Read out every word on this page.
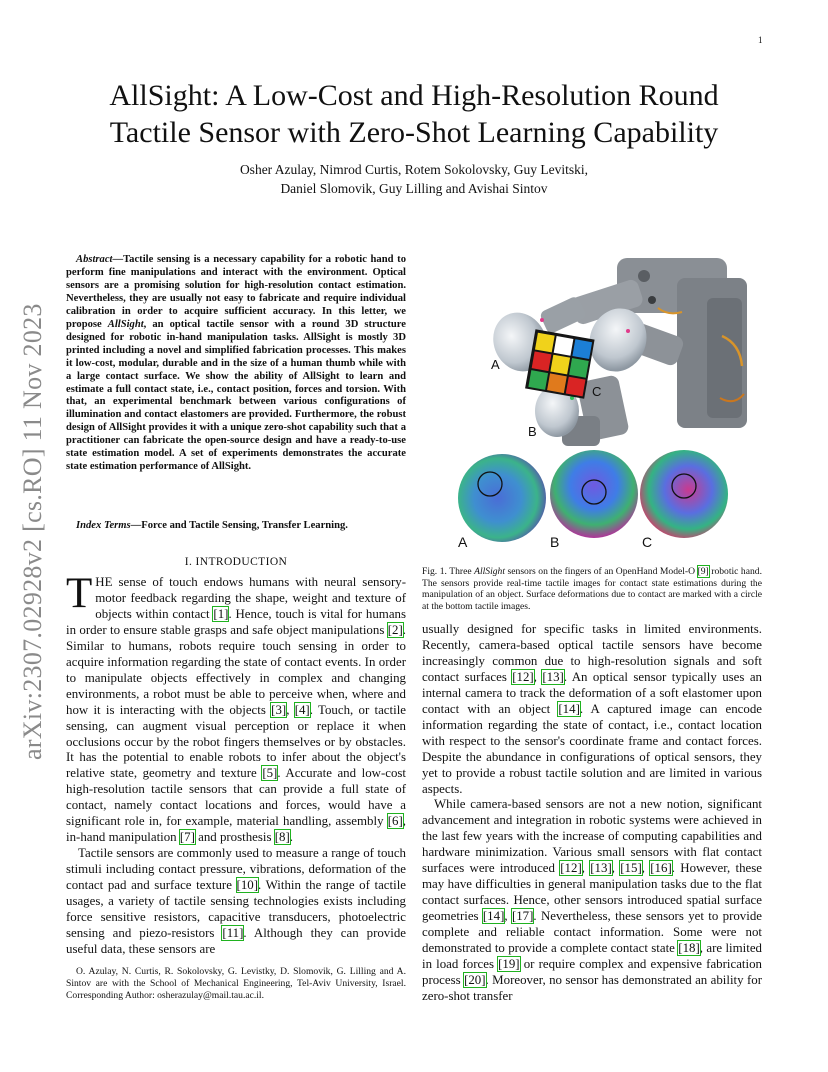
1
arXiv:2307.02928v2 [cs.RO] 11 Nov 2023
AllSight: A Low-Cost and High-Resolution Round
Tactile Sensor with Zero-Shot Learning Capability
Osher Azulay, Nimrod Curtis, Rotem Sokolovsky, Guy Levitski,
Daniel Slomovik, Guy Lilling and Avishai Sintov

Abstract—Tactile sensing is a necessary capability for a robotic hand to perform fine manipulations and interact with the environment. Optical sensors are a promising solution for high-resolution contact estimation. Nevertheless, they are usually not easy to fabricate and require individual calibration in order to acquire sufficient accuracy. In this letter, we propose AllSight, an optical tactile sensor with a round 3D structure designed for robotic in-hand manipulation tasks. AllSight is mostly 3D printed including a novel and simplified fabrication processes. This makes it low-cost, modular, durable and in the size of a human thumb while with a large contact surface. We show the ability of AllSight to learn and estimate a full contact state, i.e., contact position, forces and torsion. With that, an experimental benchmark between various configurations of illumination and contact elastomers are provided. Furthermore, the robust design of AllSight provides it with a unique zero-shot capability such that a practitioner can fabricate the open-source design and have a ready-to-use state estimation model. A set of experiments demonstrates the accurate state estimation performance of AllSight.

Index Terms—Force and Tactile Sensing, Transfer Learning.

I. INTRODUCTION

THE sense of touch endows humans with neural sensory-motor feedback regarding the shape, weight and texture of objects within contact [1]. Hence, touch is vital for humans in order to ensure stable grasps and safe object manipulations [2]. Similar to humans, robots require touch sensing in order to acquire information regarding the state of contact events. In order to manipulate objects effectively in complex and changing environments, a robot must be able to perceive when, where and how it is interacting with the objects [3], [4]. Touch, or tactile sensing, can augment visual perception or replace it when occlusions occur by the robot fingers themselves or by obstacles. It has the potential to enable robots to infer about the object's relative state, geometry and texture [5]. Accurate and low-cost high-resolution tactile sensors that can provide a full state of contact, namely contact locations and forces, would have a significant role in, for example, material handling, assembly [6], in-hand manipulation [7] and prosthesis [8].

Tactile sensors are commonly used to measure a range of touch stimuli including contact pressure, vibrations, deformation of the contact pad and surface texture [10]. Within the range of tactile usages, a variety of tactile sensing technologies exists including force sensitive resistors, capacitive transducers, photoelectric sensing and piezo-resistors [11]. Although they can provide useful data, these sensors are

O. Azulay, N. Curtis, R. Sokolovsky, G. Levistky, D. Slomovik, G. Lilling and A. Sintov are with the School of Mechanical Engineering, Tel-Aviv University, Israel. Corresponding Author: osherazulay@mail.tau.ac.il.

A
B
C
A	B	C

Fig. 1. Three AllSight sensors on the fingers of an OpenHand Model-O [9] robotic hand. The sensors provide real-time tactile images for contact state estimations during the manipulation of an object. Surface deformations due to contact are marked with a circle at the bottom tactile images.

usually designed for specific tasks in limited environments. Recently, camera-based optical tactile sensors have become increasingly common due to high-resolution signals and soft contact surfaces [12], [13]. An optical sensor typically uses an internal camera to track the deformation of a soft elastomer upon contact with an object [14]. A captured image can encode information regarding the state of contact, i.e., contact location with respect to the sensor's coordinate frame and contact forces. Despite the abundance in configurations of optical sensors, they yet to provide a robust tactile solution and are limited in various aspects.

While camera-based sensors are not a new notion, significant advancement and integration in robotic systems were achieved in the last few years with the increase of computing capabilities and hardware minimization. Various small sensors with flat contact surfaces were introduced [12], [13], [15], [16]. However, these may have difficulties in general manipulation tasks due to the flat contact surfaces. Hence, other sensors introduced spatial surface geometries [14], [17]. Nevertheless, these sensors yet to provide complete and reliable contact information. Some were not demonstrated to provide a complete contact state [18], are limited in load forces [19] or require complex and expensive fabrication process [20]. Moreover, no sensor has demonstrated an ability for zero-shot transfer
